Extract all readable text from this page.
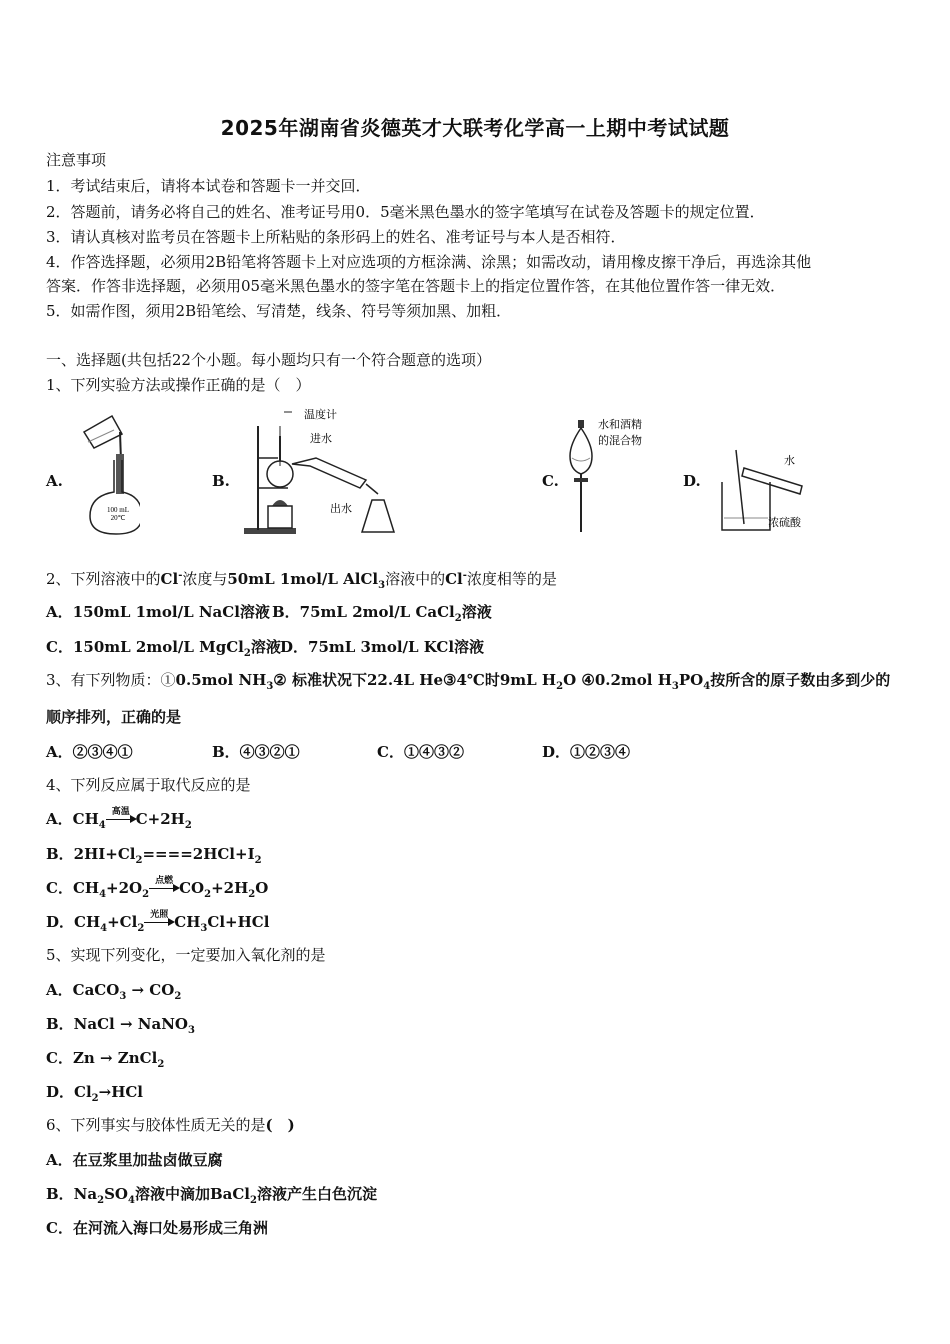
2025年湖南省炎德英才大联考化学高一上期中考试试题
注意事项
1．考试结束后，请将本试卷和答题卡一并交回．
2．答题前，请务必将自己的姓名、准考证号用0．5毫米黑色墨水的签字笔填写在试卷及答题卡的规定位置．
3．请认真核对监考员在答题卡上所粘贴的条形码上的姓名、准考证号与本人是否相符．
4．作答选择题，必须用2B铅笔将答题卡上对应选项的方框涂满、涂黑；如需改动，请用橡皮擦干净后，再选涂其他
答案．作答非选择题，必须用05毫米黑色墨水的签字笔在答题卡上的指定位置作答，在其他位置作答一律无效．
5．如需作图，须用2B铅笔绘、写清楚，线条、符号等须加黑、加粗．
一、选择题(共包括22个小题。每小题均只有一个符合题意的选项）
1、下列实验方法或操作正确的是（　）
A.
100 mL
20℃
B.
温度计
进水
出水
C.
水和酒精
的混合物
D.
水
浓硫酸
2、下列溶液中的Cl-浓度与50mL 1mol/L AlCl$_3$溶液中的Cl-浓度相等的是
A．150mL 1mol/L NaCl溶液 B．75mL 2mol/L CaCl$_2$溶液
C．150mL 2mol/L MgCl$_2$溶液 D．75mL 3mol/L KCl溶液
3、有下列物质：①0.5mol $NH_3②$ 标准状况下22.4L He③4℃时9mL $H_2O$ ④0.2mol $H_3PO_4$按所含的原子数由多到少的
顺序排列，正确的是
A．②③④①	B．④③②①	C．①④③②	D．①②③④
4、下列反应属于取代反应的是
A．$CH_4$
高温 $C+2H_2$
B．$2HI+Cl_2====2HCl+I_2$
C．$CH_4+2O_2$
点燃 $CO_2+2H_2O$
D．$CH_4+Cl_2$
光照 $CH_3Cl+HCl$
5、实现下列变化，一定要加入氧化剂的是
A．CaCO$_3$ → $CO_2$
B．NaCl → NaNO$_3$
C．Zn → ZnCl$_2$
D．$Cl_2\to HCl$
6、下列事实与胶体性质无关的是(　)
A．在豆浆里加盐卤做豆腐
B．$Na_2SO_4$溶液中滴加BaCl$_2$溶液产生白色沉淀
C．在河流入海口处易形成三角洲
